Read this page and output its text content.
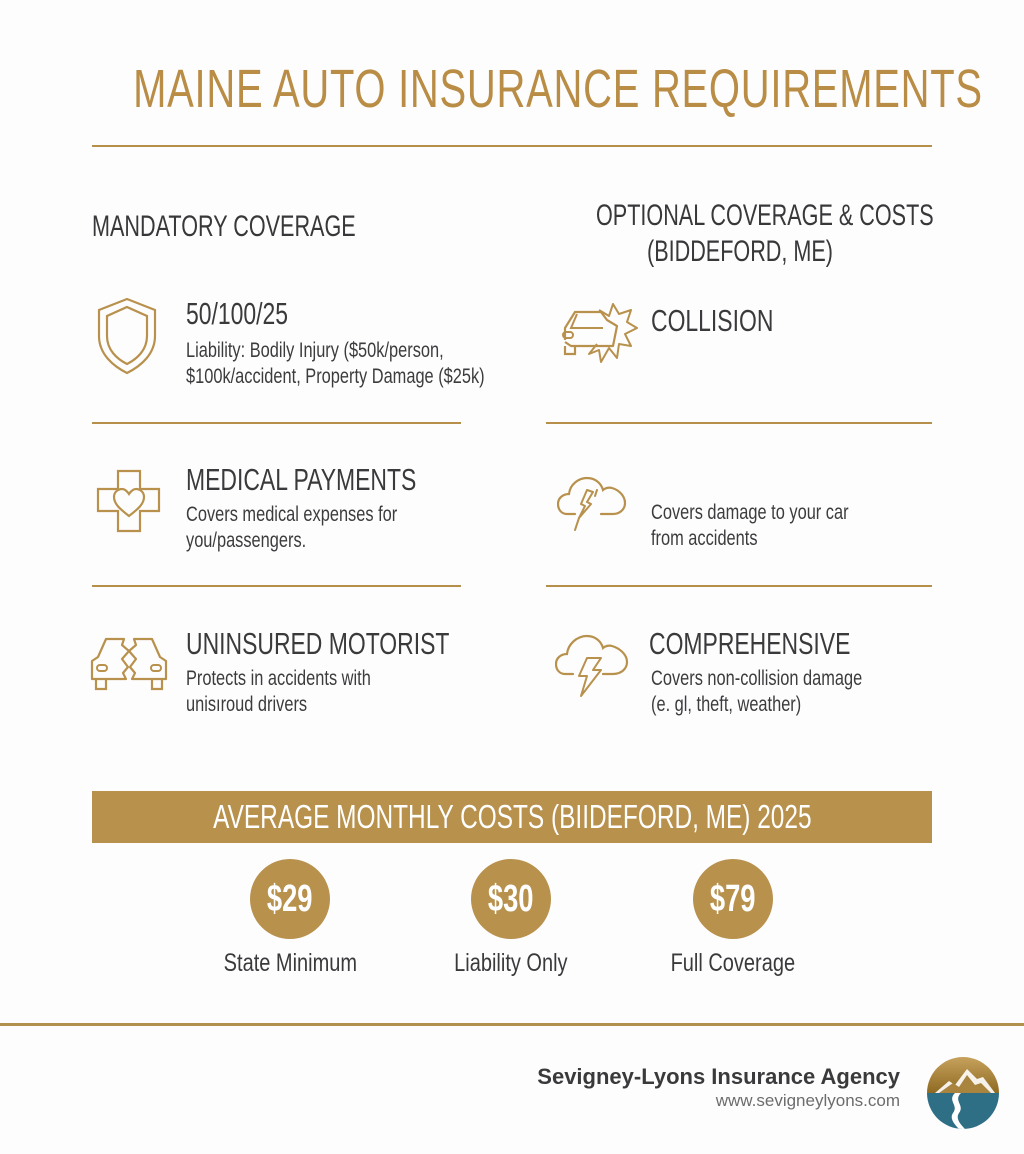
MAINE AUTO INSURANCE REQUIREMENTS
MANDATORY COVERAGE
50/100/25
Liability: Bodily Injury ($50k/person,
$100k/accident, Property Damage ($25k)
MEDICAL PAYMENTS
Covers medical expenses for
you/passengers.
UNINSURED MOTORIST
Protects in accidents with
unisıroud drivers
OPTIONAL COVERAGE & COSTS
(BIDDEFORD, ME)
COLLISION
Covers damage to your car
from accidents
COMPREHENSIVE
Covers non-collision damage
(e. gl, theft, weather)
AVERAGE MONTHLY COSTS (BIIDEFORD, ME) 2025
$29
State Minimum
$30
Liability Only
$79
Full Coverage
Sevigney-Lyons Insurance Agency
www.sevigneylyons.com
